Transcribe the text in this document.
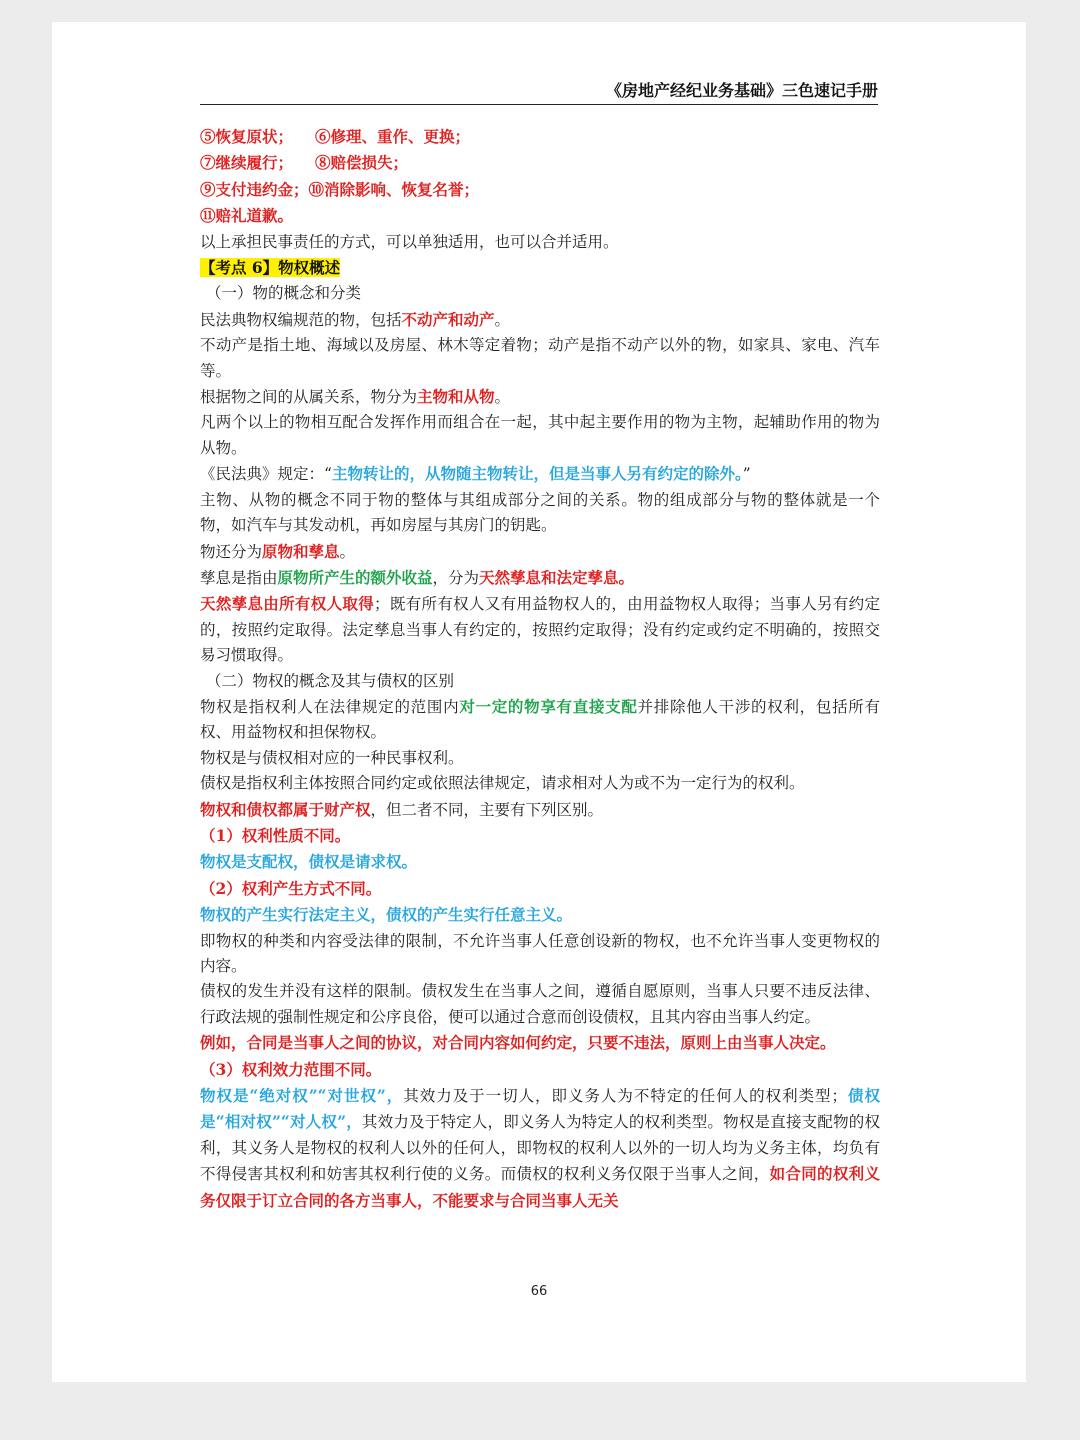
《房地产经纪业务基础》三色速记手册

⑤恢复原状； ⑥修理、重作、更换；

⑦继续履行； ⑧赔偿损失；

⑨支付违约金；⑩消除影响、恢复名誉；

⑪赔礼道歉。

以上承担民事责任的方式，可以单独适用，也可以合并适用。

【考点 6】物权概述

（一）物的概念和分类

民法典物权编规范的物，包括不动产和动产。

不动产是指土地、海域以及房屋、林木等定着物；动产是指不动产以外的物，如家具、家电、汽车等。

根据物之间的从属关系，物分为主物和从物。

凡两个以上的物相互配合发挥作用而组合在一起，其中起主要作用的物为主物，起辅助作用的物为从物。

《民法典》规定：“主物转让的，从物随主物转让，但是当事人另有约定的除外。”

主物、从物的概念不同于物的整体与其组成部分之间的关系。物的组成部分与物的整体就是一个物，如汽车与其发动机，再如房屋与其房门的钥匙。

物还分为原物和孳息。

孳息是指由原物所产生的额外收益，分为天然孳息和法定孳息。

天然孳息由所有权人取得；既有所有权人又有用益物权人的，由用益物权人取得；当事人另有约定的，按照约定取得。法定孳息当事人有约定的，按照约定取得；没有约定或约定不明确的，按照交易习惯取得。

（二）物权的概念及其与债权的区别

物权是指权利人在法律规定的范围内对一定的物享有直接支配并排除他人干涉的权利，包括所有权、用益物权和担保物权。

物权是与债权相对应的一种民事权利。

债权是指权利主体按照合同约定或依照法律规定，请求相对人为或不为一定行为的权利。

物权和债权都属于财产权，但二者不同，主要有下列区别。

（1）权利性质不同。

物权是支配权，债权是请求权。

（2）权利产生方式不同。

物权的产生实行法定主义，债权的产生实行任意主义。

即物权的种类和内容受法律的限制，不允许当事人任意创设新的物权，也不允许当事人变更物权的内容。

债权的发生并没有这样的限制。债权发生在当事人之间，遵循自愿原则，当事人只要不违反法律、行政法规的强制性规定和公序良俗，便可以通过合意而创设债权，且其内容由当事人约定。

例如，合同是当事人之间的协议，对合同内容如何约定，只要不违法，原则上由当事人决定。

（3）权利效力范围不同。

物权是“绝对权”“对世权”，其效力及于一切人，即义务人为不特定的任何人的权利类型；债权是“相对权”“对人权”，其效力及于特定人，即义务人为特定人的权利类型。物权是直接支配物的权利，其义务人是物权的权利人以外的任何人，即物权的权利人以外的一切人均为义务主体，均负有不得侵害其权利和妨害其权利行使的义务。而债权的权利义务仅限于当事人之间，如合同的权利义务仅限于订立合同的各方当事人，不能要求与合同当事人无关

66
